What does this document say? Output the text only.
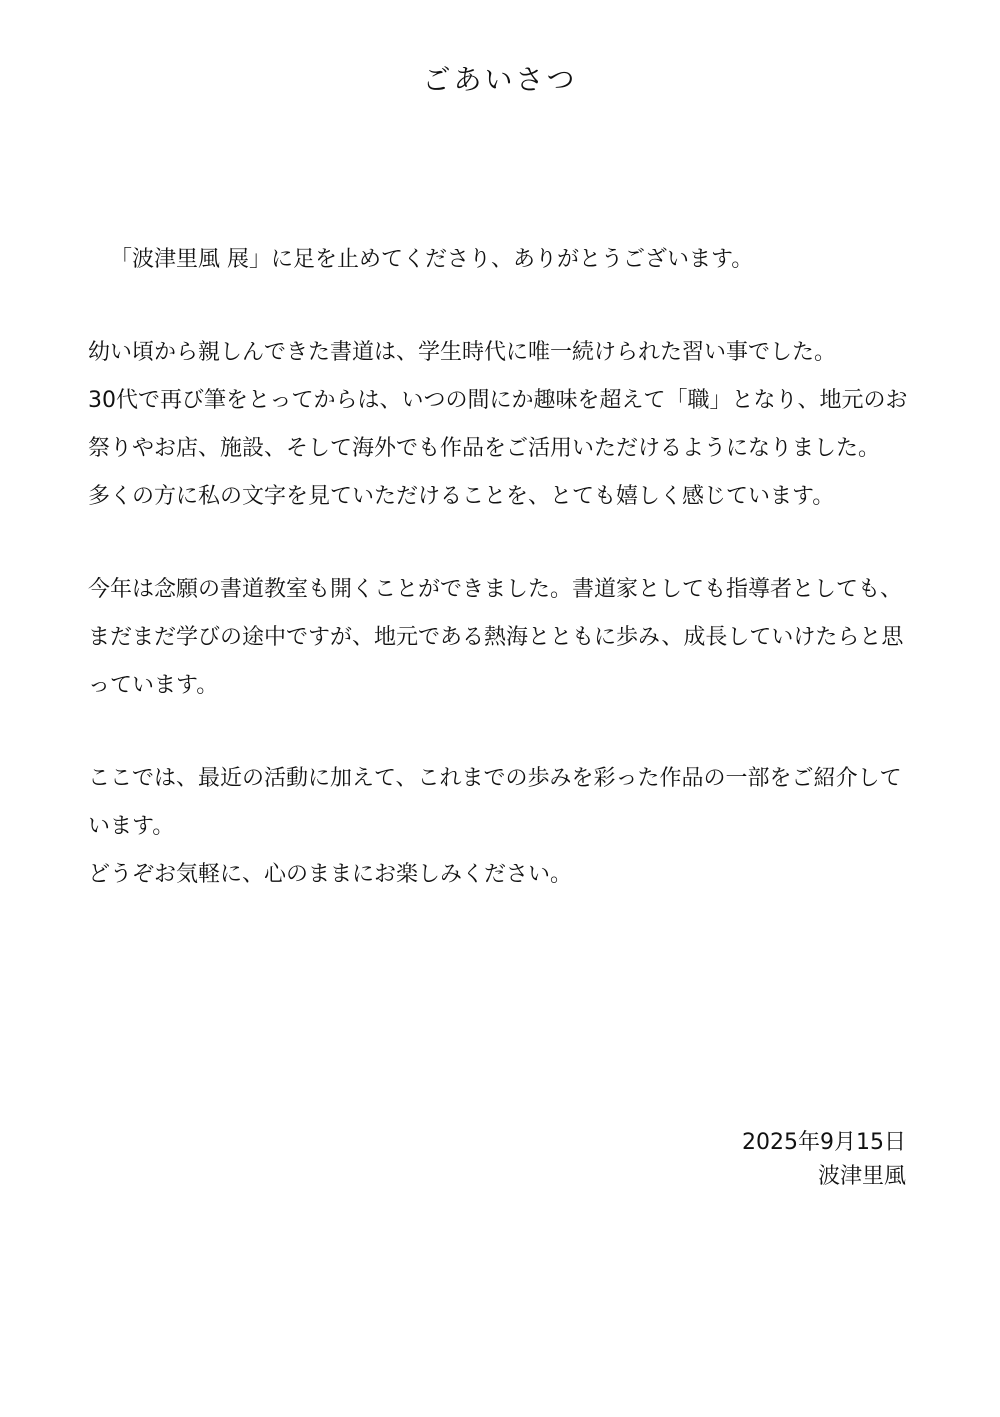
ごあいさつ

「波津里風 展」に足を止めてくださり、ありがとうございます。

幼い頃から親しんできた書道は、学生時代に唯一続けられた習い事でした。
30代で再び筆をとってからは、いつの間にか趣味を超えて「職」となり、地元のお祭りやお店、施設、そして海外でも作品をご活用いただけるようになりました。
多くの方に私の文字を見ていただけることを、とても嬉しく感じています。

今年は念願の書道教室も開くことができました。書道家としても指導者としても、まだまだ学びの途中ですが、地元である熱海とともに歩み、成長していけたらと思っています。

ここでは、最近の活動に加えて、これまでの歩みを彩った作品の一部をご紹介しています。
どうぞお気軽に、心のままにお楽しみください。

2025年9月15日
波津里風
